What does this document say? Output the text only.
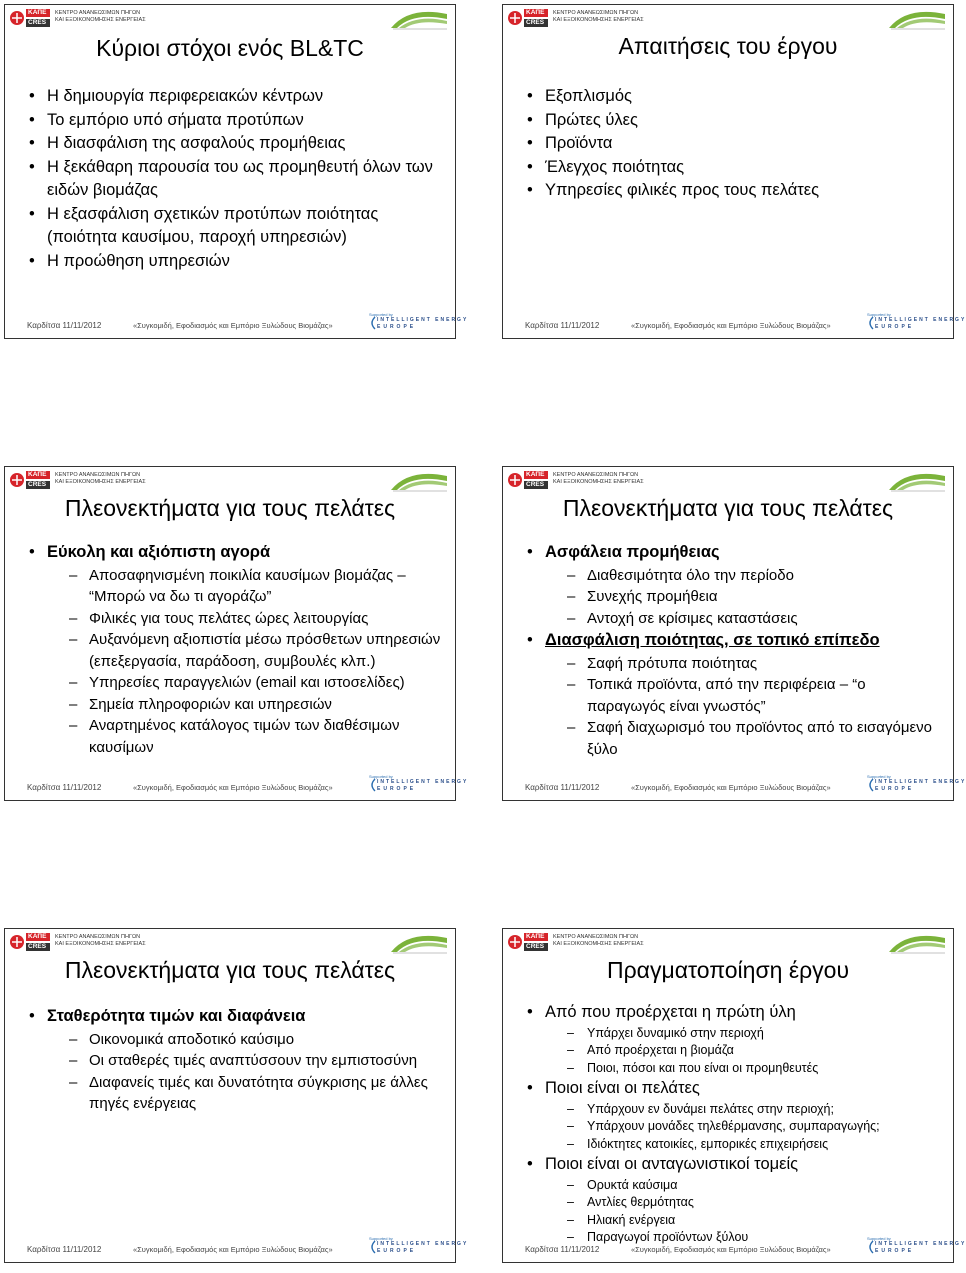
ΚΑΠΕ
CRES
ΚΕΝΤΡΟ ΑΝΑΝΕΩΣΙΜΩΝ ΠΗΓΩΝ
ΚΑΙ ΕΞΟΙΚΟΝΟΜΗΣΗΣ ΕΝΕΡΓΕΙΑΣ
Κύριοι στόχοι ενός BL&TC
• Η δημιουργία περιφερειακών κέντρων
• Το εμπόριο υπό σήματα προτύπων
• Η διασφάλιση της ασφαλούς προμήθειας
• Η ξεκάθαρη παρουσία του ως προμηθευτή όλων των ειδών βιομάζας
• Η εξασφάλιση σχετικών προτύπων ποιότητας (ποιότητα καυσίμου, παροχή υπηρεσιών)
• Η προώθηση υπηρεσιών
Καρδίτσα 11/11/2012	«Συγκομιδή, Εφοδιασμός και Εμπόριο Ξυλώδους Βιομάζας»
Supported by
INTELLIGENT ENERGY
EUROPE
ΚΑΠΕ
CRES
ΚΕΝΤΡΟ ΑΝΑΝΕΩΣΙΜΩΝ ΠΗΓΩΝ
ΚΑΙ ΕΞΟΙΚΟΝΟΜΗΣΗΣ ΕΝΕΡΓΕΙΑΣ
Απαιτήσεις του έργου
• Εξοπλισμός
• Πρώτες ύλες
• Προϊόντα
• Έλεγχος ποιότητας
• Υπηρεσίες φιλικές προς τους πελάτες
Καρδίτσα 11/11/2012	«Συγκομιδή, Εφοδιασμός και Εμπόριο Ξυλώδους Βιομάζας»
Supported by
INTELLIGENT ENERGY
EUROPE
ΚΑΠΕ
CRES
ΚΕΝΤΡΟ ΑΝΑΝΕΩΣΙΜΩΝ ΠΗΓΩΝ
ΚΑΙ ΕΞΟΙΚΟΝΟΜΗΣΗΣ ΕΝΕΡΓΕΙΑΣ
Πλεονεκτήματα για τους πελάτες
• Εύκολη και αξιόπιστη αγορά
– Αποσαφηνισμένη ποικιλία καυσίμων βιομάζας – “Μπορώ να δω τι αγοράζω”
– Φιλικές για τους πελάτες ώρες λειτουργίας
– Αυξανόμενη αξιοπιστία μέσω πρόσθετων υπηρεσιών (επεξεργασία, παράδοση, συμβουλές κλπ.)
– Υπηρεσίες παραγγελιών (email και ιστοσελίδες)
– Σημεία πληροφοριών και υπηρεσιών
– Αναρτημένος κατάλογος τιμών των διαθέσιμων καυσίμων
Καρδίτσα 11/11/2012	«Συγκομιδή, Εφοδιασμός και Εμπόριο Ξυλώδους Βιομάζας»
Supported by
INTELLIGENT ENERGY
EUROPE
ΚΑΠΕ
CRES
ΚΕΝΤΡΟ ΑΝΑΝΕΩΣΙΜΩΝ ΠΗΓΩΝ
ΚΑΙ ΕΞΟΙΚΟΝΟΜΗΣΗΣ ΕΝΕΡΓΕΙΑΣ
Πλεονεκτήματα για τους πελάτες
• Ασφάλεια προμήθειας
– Διαθεσιμότητα όλο την περίοδο
– Συνεχής προμήθεια
– Αντοχή σε κρίσιμες καταστάσεις
• Διασφάλιση ποιότητας, σε τοπικό επίπεδο
– Σαφή πρότυπα ποιότητας
– Τοπικά προϊόντα, από την περιφέρεια – “ο παραγωγός είναι γνωστός”
– Σαφή διαχωρισμό του προϊόντος από το εισαγόμενο ξύλο
Καρδίτσα 11/11/2012	«Συγκομιδή, Εφοδιασμός και Εμπόριο Ξυλώδους Βιομάζας»
Supported by
INTELLIGENT ENERGY
EUROPE
ΚΑΠΕ
CRES
ΚΕΝΤΡΟ ΑΝΑΝΕΩΣΙΜΩΝ ΠΗΓΩΝ
ΚΑΙ ΕΞΟΙΚΟΝΟΜΗΣΗΣ ΕΝΕΡΓΕΙΑΣ
Πλεονεκτήματα για τους πελάτες
• Σταθερότητα τιμών και διαφάνεια
– Οικονομικά αποδοτικό καύσιμο
– Οι σταθερές τιμές αναπτύσσουν την εμπιστοσύνη
– Διαφανείς τιμές και δυνατότητα σύγκρισης με άλλες πηγές ενέργειας
Καρδίτσα 11/11/2012	«Συγκομιδή, Εφοδιασμός και Εμπόριο Ξυλώδους Βιομάζας»
Supported by
INTELLIGENT ENERGY
EUROPE
ΚΑΠΕ
CRES
ΚΕΝΤΡΟ ΑΝΑΝΕΩΣΙΜΩΝ ΠΗΓΩΝ
ΚΑΙ ΕΞΟΙΚΟΝΟΜΗΣΗΣ ΕΝΕΡΓΕΙΑΣ
Πραγματοποίηση έργου
• Από που προέρχεται η πρώτη ύλη
– Υπάρχει δυναμικό στην περιοχή
– Από προέρχεται η βιομάζα
– Ποιοι, πόσοι και που είναι οι προμηθευτές
• Ποιοι είναι οι πελάτες
– Υπάρχουν εν δυνάμει πελάτες στην περιοχή;
– Υπάρχουν μονάδες τηλεθέρμανσης, συμπαραγωγής;
– Ιδιόκτητες κατοικίες, εμπορικές επιχειρήσεις
• Ποιοι είναι οι ανταγωνιστικοί τομείς
– Ορυκτά καύσιμα
– Αντλίες θερμότητας
– Ηλιακή ενέργεια
– Παραγωγοί προϊόντων ξύλου
Καρδίτσα 11/11/2012	«Συγκομιδή, Εφοδιασμός και Εμπόριο Ξυλώδους Βιομάζας»
Supported by
INTELLIGENT ENERGY
EUROPE
